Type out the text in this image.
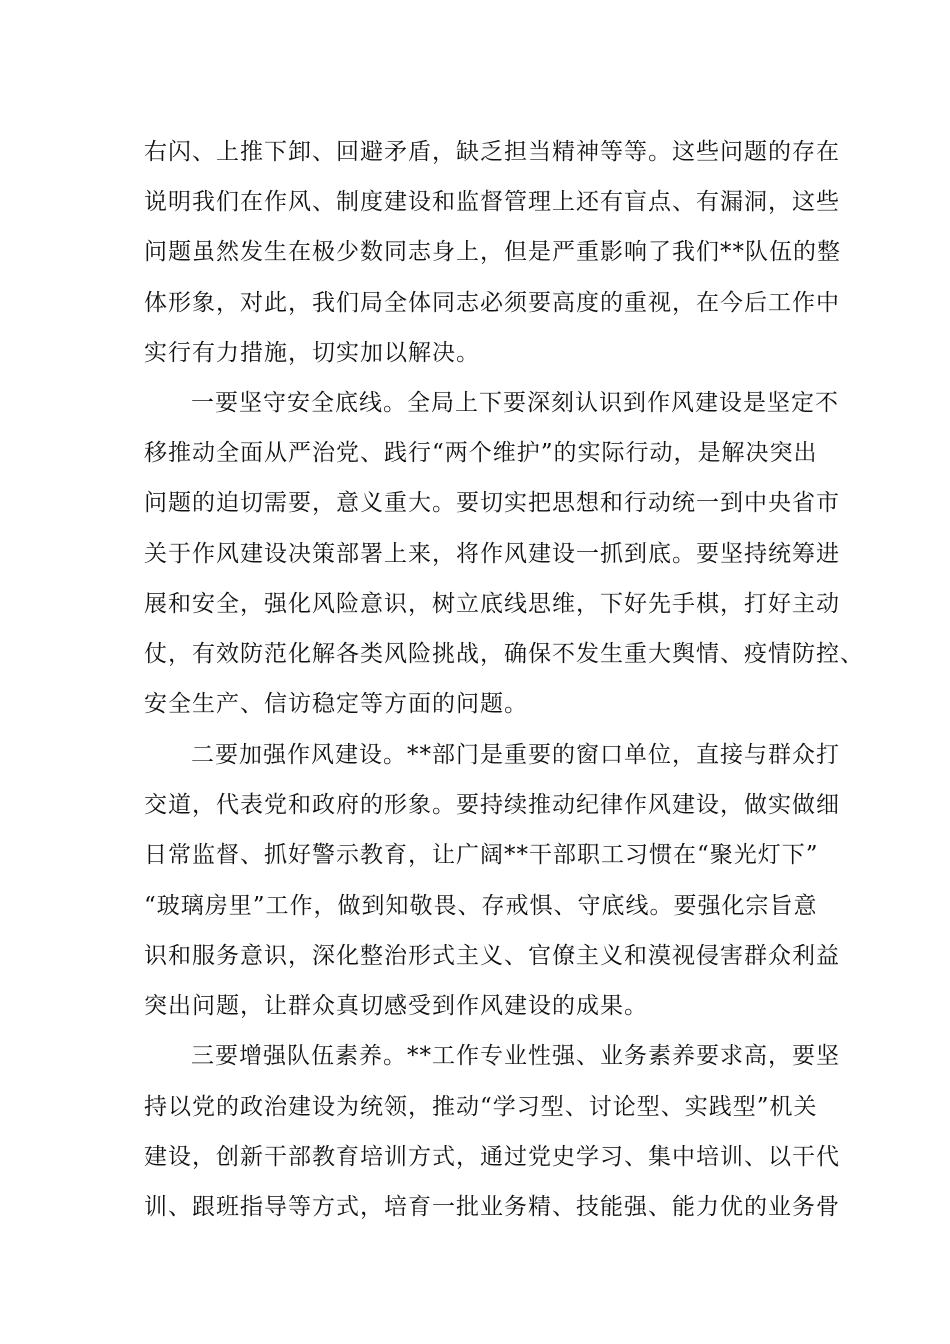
右闪、上推下卸、回避矛盾，缺乏担当精神等等。这些问题的存在
说明我们在作风、制度建设和监督管理上还有盲点、有漏洞，这些
问题虽然发生在极少数同志身上，但是严重影响了我们**队伍的整
体形象，对此，我们局全体同志必须要高度的重视，在今后工作中
实行有力措施，切实加以解决。
一要坚守安全底线。全局上下要深刻认识到作风建设是坚定不
移推动全面从严治党、践行“两个维护”的实际行动，是解决突出
问题的迫切需要，意义重大。要切实把思想和行动统一到中央省市
关于作风建设决策部署上来，将作风建设一抓到底。要坚持统筹进
展和安全，强化风险意识，树立底线思维，下好先手棋，打好主动
仗，有效防范化解各类风险挑战，确保不发生重大舆情、疫情防控、
安全生产、信访稳定等方面的问题。
二要加强作风建设。**部门是重要的窗口单位，直接与群众打
交道，代表党和政府的形象。要持续推动纪律作风建设，做实做细
日常监督、抓好警示教育，让广阔**干部职工习惯在“聚光灯下”
“玻璃房里”工作，做到知敬畏、存戒惧、守底线。要强化宗旨意
识和服务意识，深化整治形式主义、官僚主义和漠视侵害群众利益
突出问题，让群众真切感受到作风建设的成果。
三要增强队伍素养。**工作专业性强、业务素养要求高，要坚
持以党的政治建设为统领，推动“学习型、讨论型、实践型”机关
建设，创新干部教育培训方式，通过党史学习、集中培训、以干代
训、跟班指导等方式，培育一批业务精、技能强、能力优的业务骨
